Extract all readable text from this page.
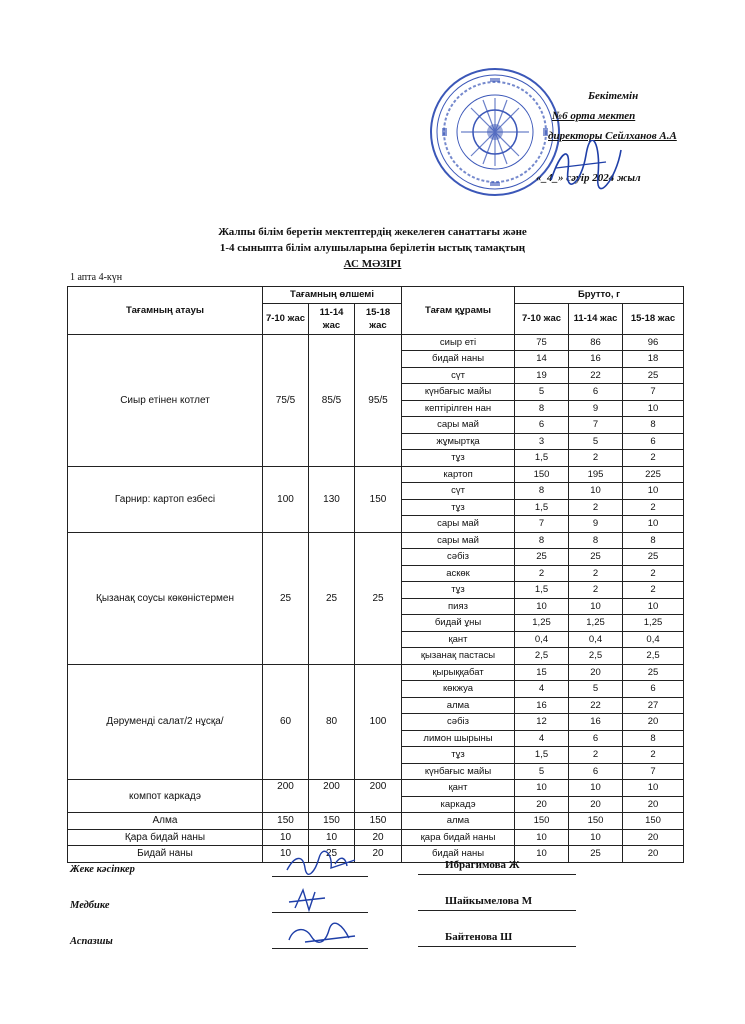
Бекітемін
№6 орта мектеп
директоры Сейлханов А.А
«_4_» сәуір 2024 жыл
Жалпы білім беретін мектептердің жекелеген санаттағы және
1-4 сыныпта білім алушыларына берілетін ыстық тамақтың
АС МӘЗІРІ
1 апта 4-күн
Тағамның атауы	Тағамның өлшемі			Тағам құрамы	Брутто, г		
	7-10 жас	11-14 жас	15-18 жас		7-10 жас	11-14 жас	15-18 жас
Сиыр етінен котлет	75/5	85/5	95/5	сиыр еті	75	86	96
				бидай наны	14	16	18
				сүт	19	22	25
				күнбағыс майы	5	6	7
				кептірілген нан	8	9	10
				сары май	6	7	8
				жұмыртқа	3	5	6
				тұз	1,5	2	2
Гарнир: картоп езбесі	100	130	150	картоп	150	195	225
				сүт	8	10	10
				тұз	1,5	2	2
				сары май	7	9	10
Қызанақ соусы көкөністермен	25	25	25	сары май	8	8	8
				сәбіз	25	25	25
				аскөк	2	2	2
				тұз	1,5	2	2
				пияз	10	10	10
				бидай ұны	1,25	1,25	1,25
				қант	0,4	0,4	0,4
				қызанақ пастасы	2,5	2,5	2,5
Дәрумендi салат/2 нұсқа/	60	80	100	қырыққабат	15	20	25
				көкжуа	4	5	6
				алма	16	22	27
				сәбіз	12	16	20
				лимон шырыны	4	6	8
				тұз	1,5	2	2
				күнбағыс майы	5	6	7
компот каркадэ	200	200	200	қант	10	10	10
				каркадэ	20	20	20
Алма	150	150	150	алма	150	150	150
Қара бидай наны	10	10	20	қара бидай наны	10	10	20
Бидай наны	10	25	20	бидай наны	10	25	20
Жеке кәсіпкер	Ибрагимова Ж
Медбике	Шайкымелова М
Аспазшы	Байтенова Ш
